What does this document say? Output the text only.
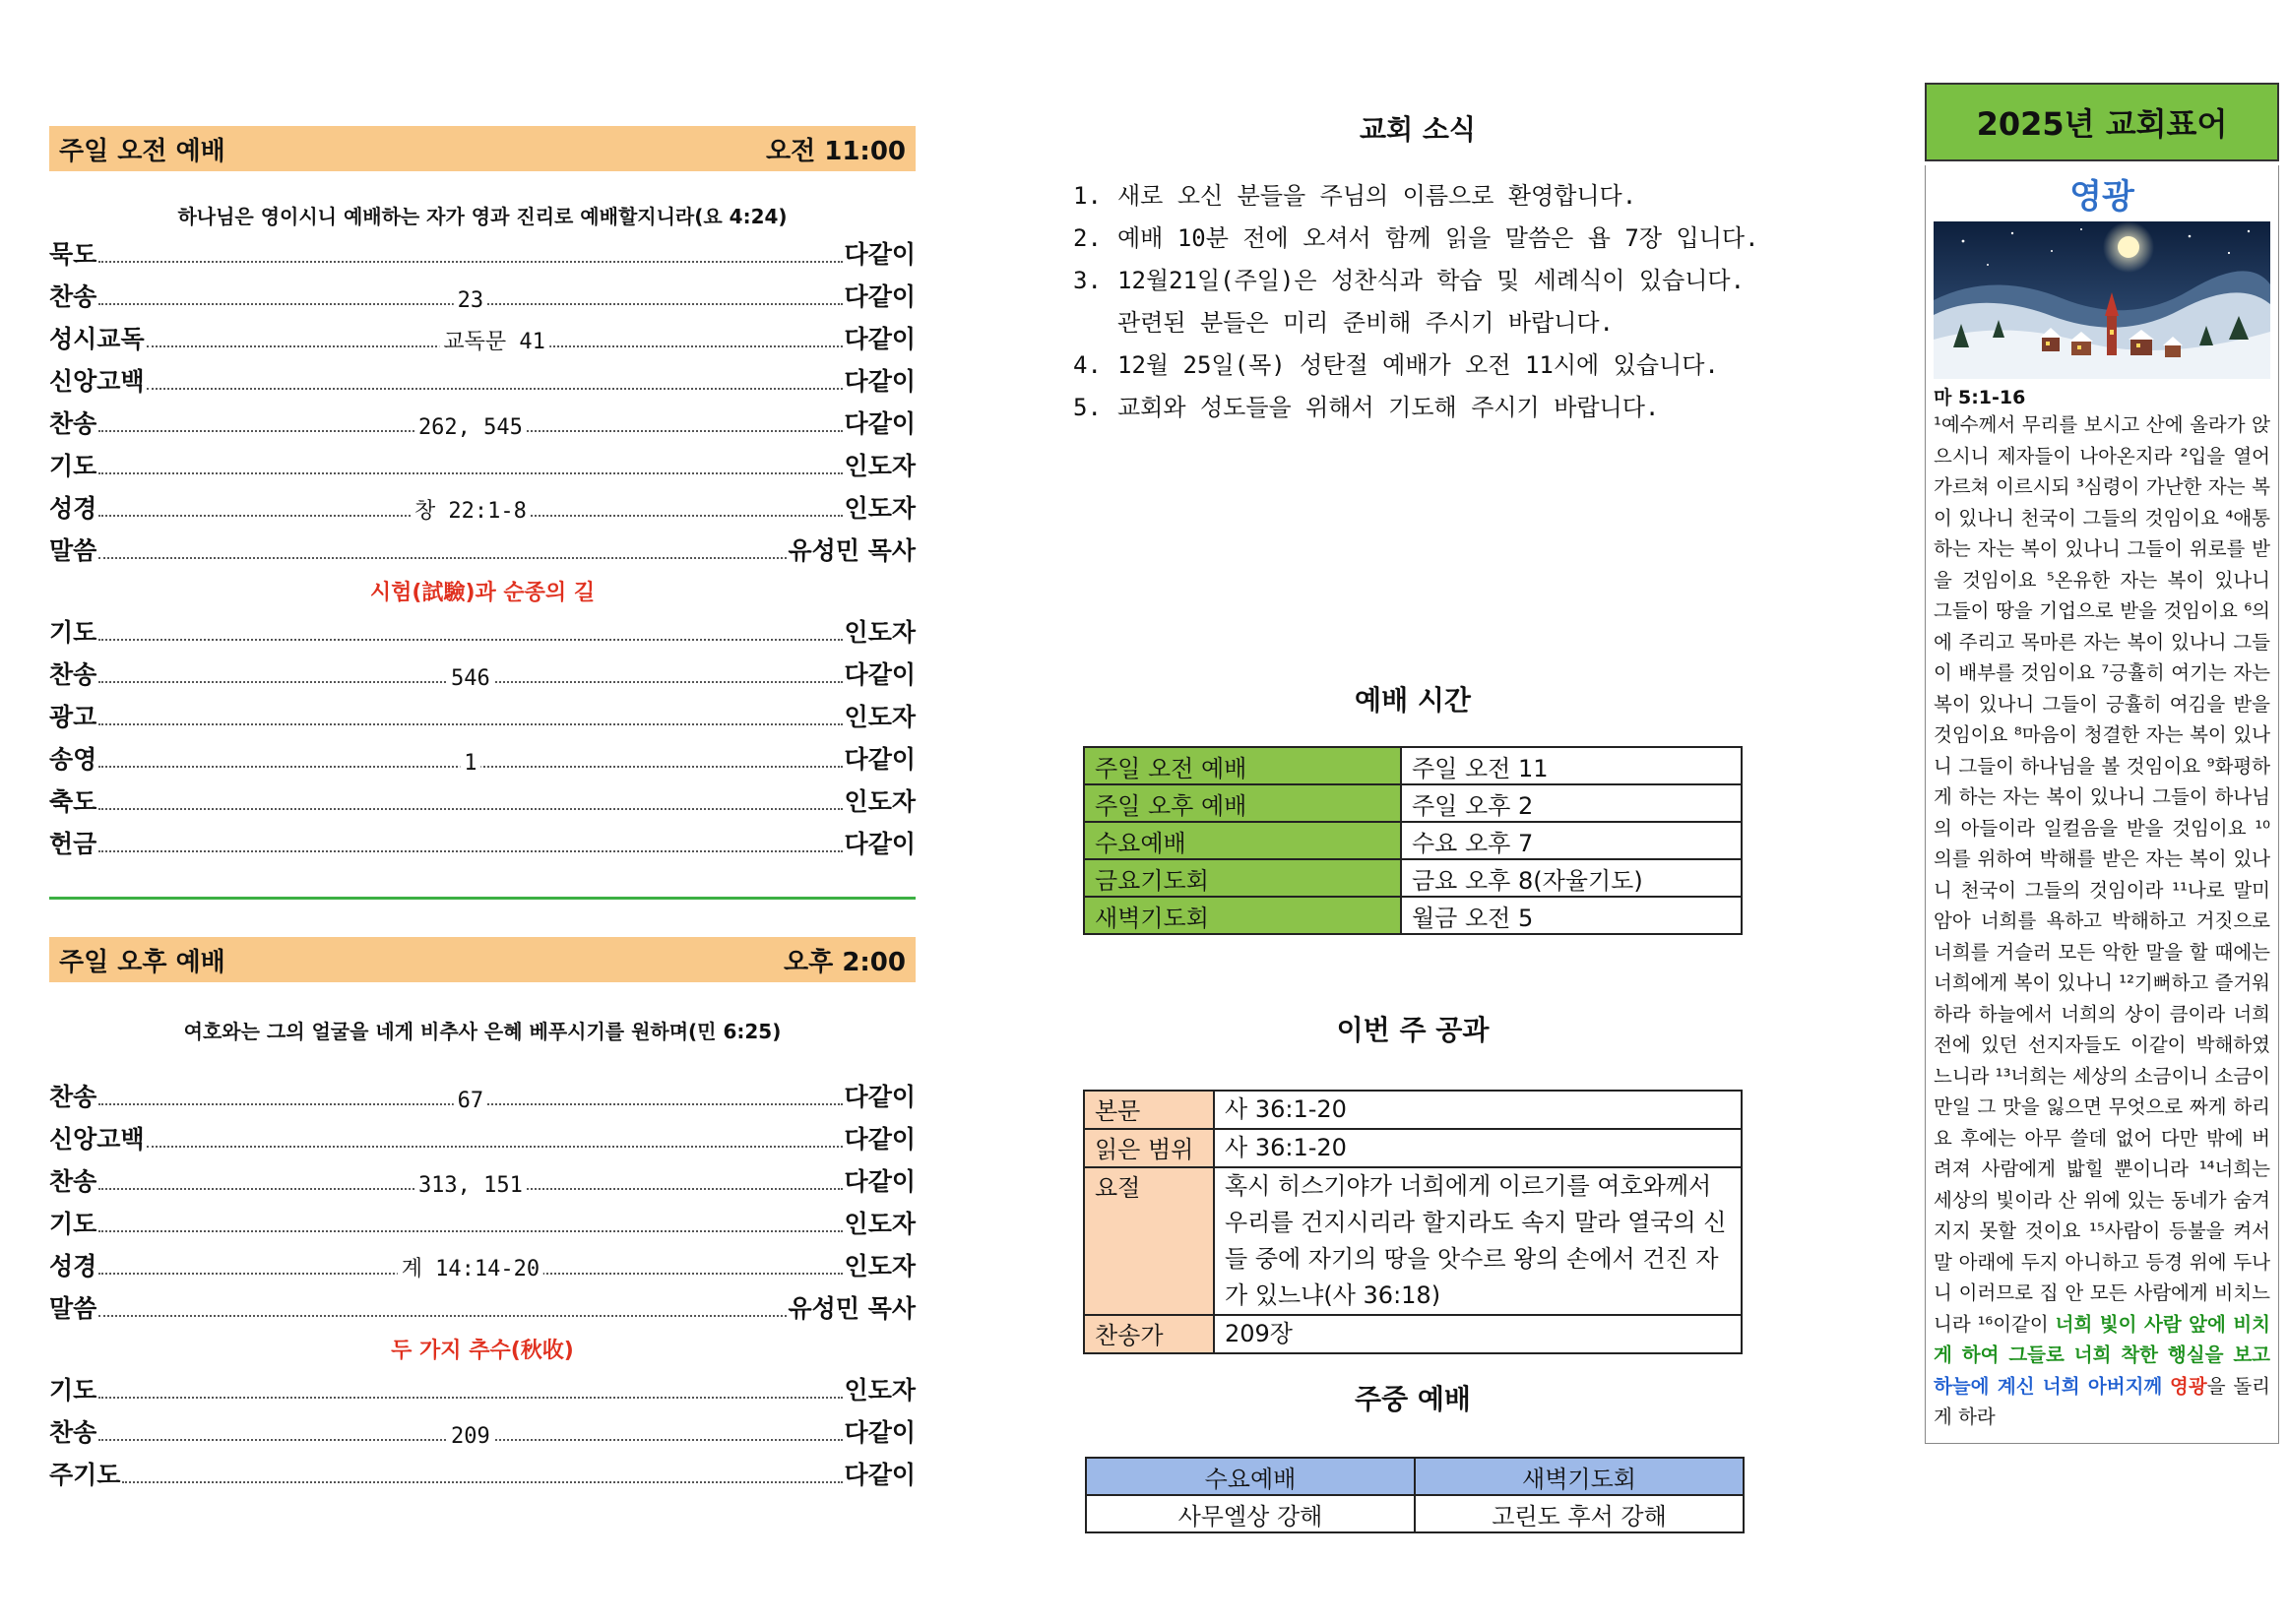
주일 오전 예배	오전 11:00
하나님은 영이시니 예배하는 자가 영과 진리로 예배할지니라(요 4:24)
묵도	다같이
찬송	23	다같이
성시교독	교독문 41	다같이
신앙고백	다같이
찬송	262, 545	다같이
기도	인도자
성경	창 22:1-8	인도자
말씀	유성민 목사
시험(試驗)과 순종의 길
기도	인도자
찬송	546	다같이
광고	인도자
송영	1	다같이
축도	인도자
헌금	다같이
주일 오후 예배	오후 2:00
여호와는 그의 얼굴을 네게 비추사 은혜 베푸시기를 원하며(민 6:25)
찬송	67	다같이
신앙고백	다같이
찬송	313, 151	다같이
기도	인도자
성경	계 14:14-20	인도자
말씀	유성민 목사
두 가지 추수(秋收)
기도	인도자
찬송	209	다같이
주기도	다같이
교회 소식
1. 새로 오신 분들을 주님의 이름으로 환영합니다.
2. 예배 10분 전에 오셔서 함께 읽을 말씀은 욥 7장 입니다.
3. 12월21일(주일)은 성찬식과 학습 및 세례식이 있습니다. 관련된 분들은 미리 준비해 주시기 바랍니다.
4. 12월 25일(목) 성탄절 예배가 오전 11시에 있습니다.
5. 교회와 성도들을 위해서 기도해 주시기 바랍니다.
예배 시간
주일 오전 예배	주일 오전 11
주일 오후 예배	주일 오후 2
수요예배	수요 오후 7
금요기도회	금요 오후 8(자율기도)
새벽기도회	월금 오전 5
이번 주 공과
본문	사 36:1-20
읽은 범위	사 36:1-20
요절	혹시 히스기야가 너희에게 이르기를 여호와께서 우리를 건지시리라 할지라도 속지 말라 열국의 신들 중에 자기의 땅을 앗수르 왕의 손에서 건진 자가 있느냐(사 36:18)
찬송가	209장
주중 예배
수요예배	새벽기도회
사무엘상 강해	고린도 후서 강해
2025년 교회표어
영광
마 5:1-16
¹예수께서 무리를 보시고 산에 올라가 앉으시니 제자들이 나아온지라 ²입을 열어 가르쳐 이르시되 ³심령이 가난한 자는 복이 있나니 천국이 그들의 것임이요 ⁴애통하는 자는 복이 있나니 그들이 위로를 받을 것임이요 ⁵온유한 자는 복이 있나니 그들이 땅을 기업으로 받을 것임이요 ⁶의에 주리고 목마른 자는 복이 있나니 그들이 배부를 것임이요 ⁷긍휼히 여기는 자는 복이 있나니 그들이 긍휼히 여김을 받을 것임이요 ⁸마음이 청결한 자는 복이 있나니 그들이 하나님을 볼 것임이요 ⁹화평하게 하는 자는 복이 있나니 그들이 하나님의 아들이라 일컬음을 받을 것임이요 ¹⁰의를 위하여 박해를 받은 자는 복이 있나니 천국이 그들의 것임이라 ¹¹나로 말미암아 너희를 욕하고 박해하고 거짓으로 너희를 거슬러 모든 악한 말을 할 때에는 너희에게 복이 있나니 ¹²기뻐하고 즐거워하라 하늘에서 너희의 상이 큼이라 너희 전에 있던 선지자들도 이같이 박해하였느니라 ¹³너희는 세상의 소금이니 소금이 만일 그 맛을 잃으면 무엇으로 짜게 하리요 후에는 아무 쓸데 없어 다만 밖에 버려져 사람에게 밟힐 뿐이니라 ¹⁴너희는 세상의 빛이라 산 위에 있는 동네가 숨겨지지 못할 것이요 ¹⁵사람이 등불을 켜서 말 아래에 두지 아니하고 등경 위에 두나니 이러므로 집 안 모든 사람에게 비치느니라 ¹⁶이같이 너희 빛이 사람 앞에 비치게 하여 그들로 너희 착한 행실을 보고 하늘에 계신 너희 아버지께 영광을 돌리게 하라
